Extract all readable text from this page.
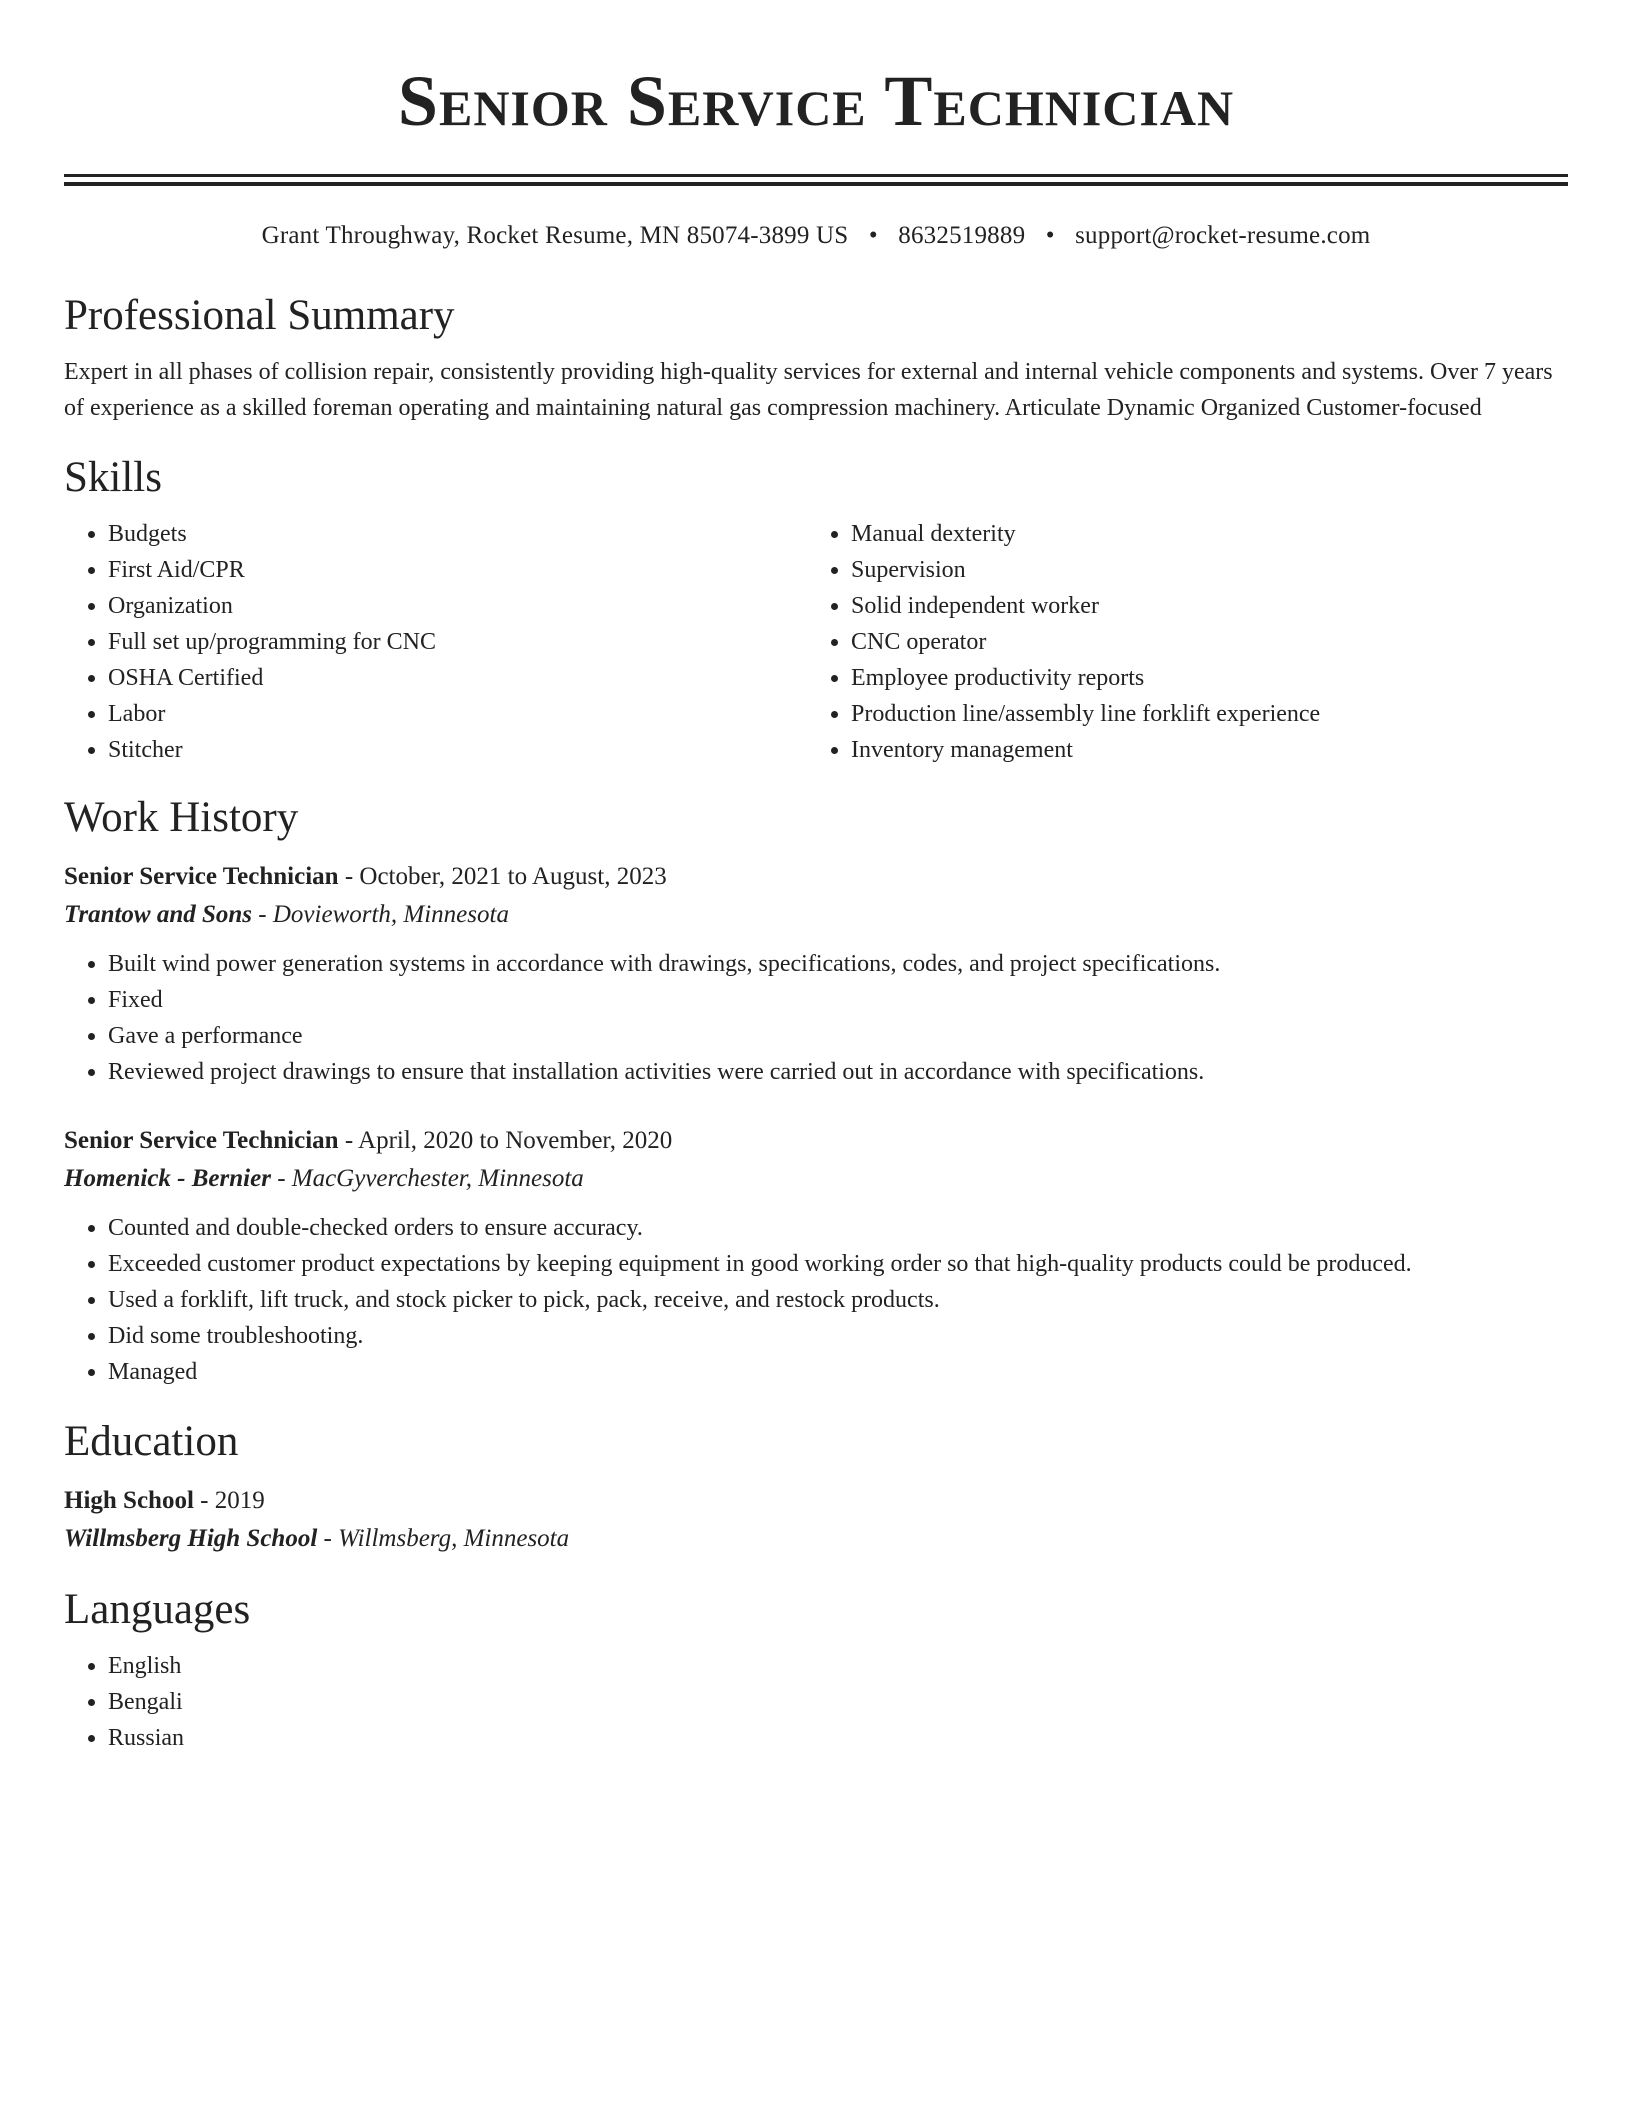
Senior Service Technician
Grant Throughway, Rocket Resume, MN 85074-3899 US • 8632519889 • support@rocket-resume.com
Professional Summary
Expert in all phases of collision repair, consistently providing high-quality services for external and internal vehicle components and systems. Over 7 years of experience as a skilled foreman operating and maintaining natural gas compression machinery. Articulate Dynamic Organized Customer-focused
Skills
• Budgets
• First Aid/CPR
• Organization
• Full set up/programming for CNC
• OSHA Certified
• Labor
• Stitcher
• Manual dexterity
• Supervision
• Solid independent worker
• CNC operator
• Employee productivity reports
• Production line/assembly line forklift experience
• Inventory management
Work History
Senior Service Technician - October, 2021 to August, 2023
Trantow and Sons - Dovieworth, Minnesota
• Built wind power generation systems in accordance with drawings, specifications, codes, and project specifications.
• Fixed
• Gave a performance
• Reviewed project drawings to ensure that installation activities were carried out in accordance with specifications.
Senior Service Technician - April, 2020 to November, 2020
Homenick - Bernier - MacGyverchester, Minnesota
• Counted and double-checked orders to ensure accuracy.
• Exceeded customer product expectations by keeping equipment in good working order so that high-quality products could be produced.
• Used a forklift, lift truck, and stock picker to pick, pack, receive, and restock products.
• Did some troubleshooting.
• Managed
Education
High School - 2019
Willmsberg High School - Willmsberg, Minnesota
Languages
• English
• Bengali
• Russian
